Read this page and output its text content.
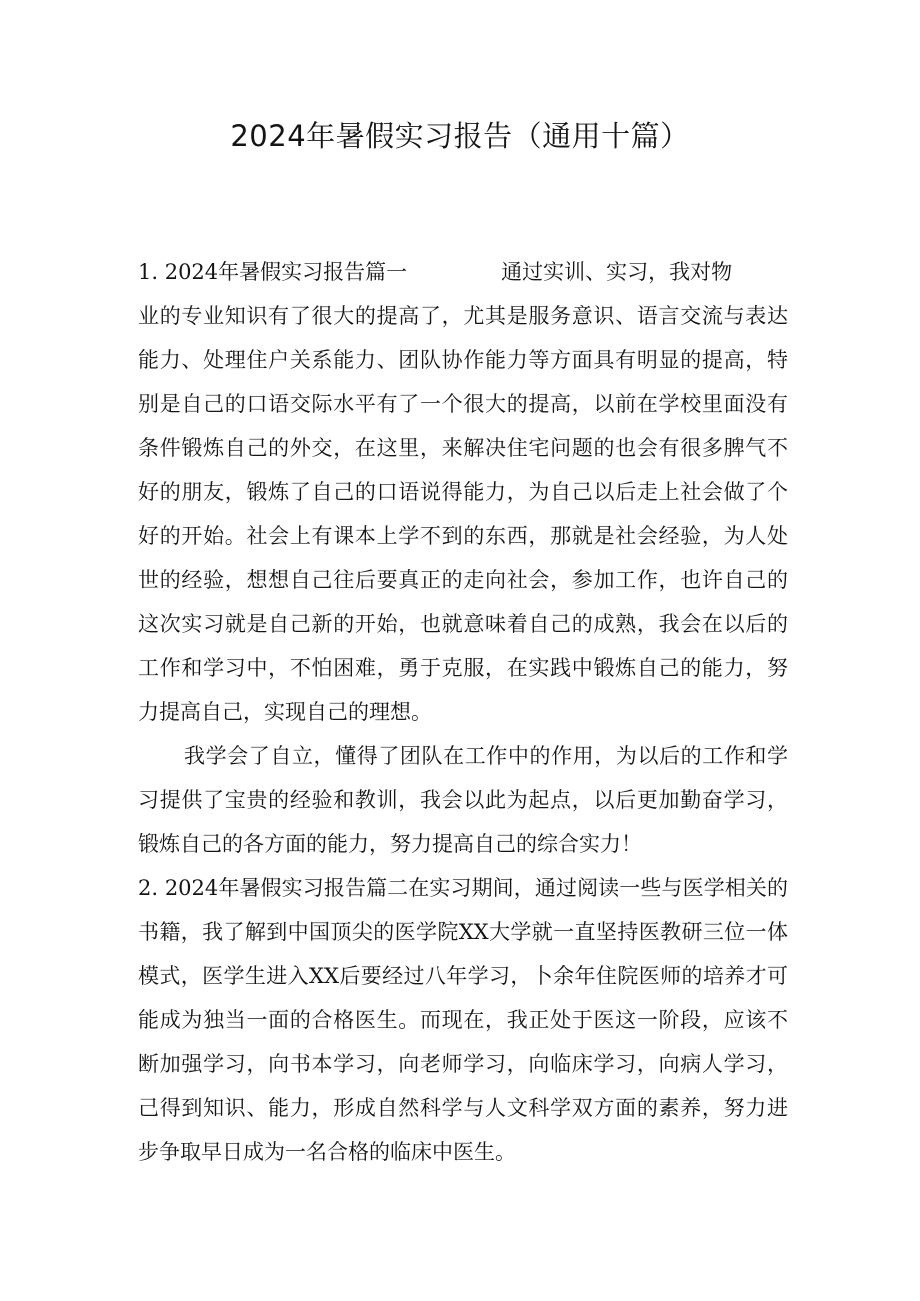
2024年暑假实习报告（通用十篇）

1. 2024年暑假实习报告篇一	通过实训、实习，我对物

业的专业知识有了很大的提高了，尤其是服务意识、语言交流与表达

能力、处理住户关系能力、团队协作能力等方面具有明显的提高，特

别是自己的口语交际水平有了一个很大的提高，以前在学校里面没有

条件锻炼自己的外交，在这里，来解决住宅问题的也会有很多脾气不

好的朋友，锻炼了自己的口语说得能力，为自己以后走上社会做了个

好的开始。社会上有课本上学不到的东西，那就是社会经验，为人处

世的经验，想想自己往后要真正的走向社会，参加工作，也许自己的

这次实习就是自己新的开始，也就意味着自己的成熟，我会在以后的

工作和学习中，不怕困难，勇于克服，在实践中锻炼自己的能力，努

力提高自己，实现自己的理想。

我学会了自立，懂得了团队在工作中的作用，为以后的工作和学

习提供了宝贵的经验和教训，我会以此为起点，以后更加勤奋学习，

锻炼自己的各方面的能力，努力提高自己的综合实力！

2. 2024年暑假实习报告篇二在实习期间，通过阅读一些与医学相关的

书籍，我了解到中国顶尖的医学院XX大学就一直坚持医教研三位一体

模式，医学生进入XX后要经过八年学习，卜余年住院医师的培养才可

能成为独当一面的合格医生。而现在，我正处于医这一阶段，应该不

断加强学习，向书本学习，向老师学习，向临床学习，向病人学习，

己得到知识、能力，形成自然科学与人文科学双方面的素养，努力进

步争取早日成为一名合格的临床中医生。
